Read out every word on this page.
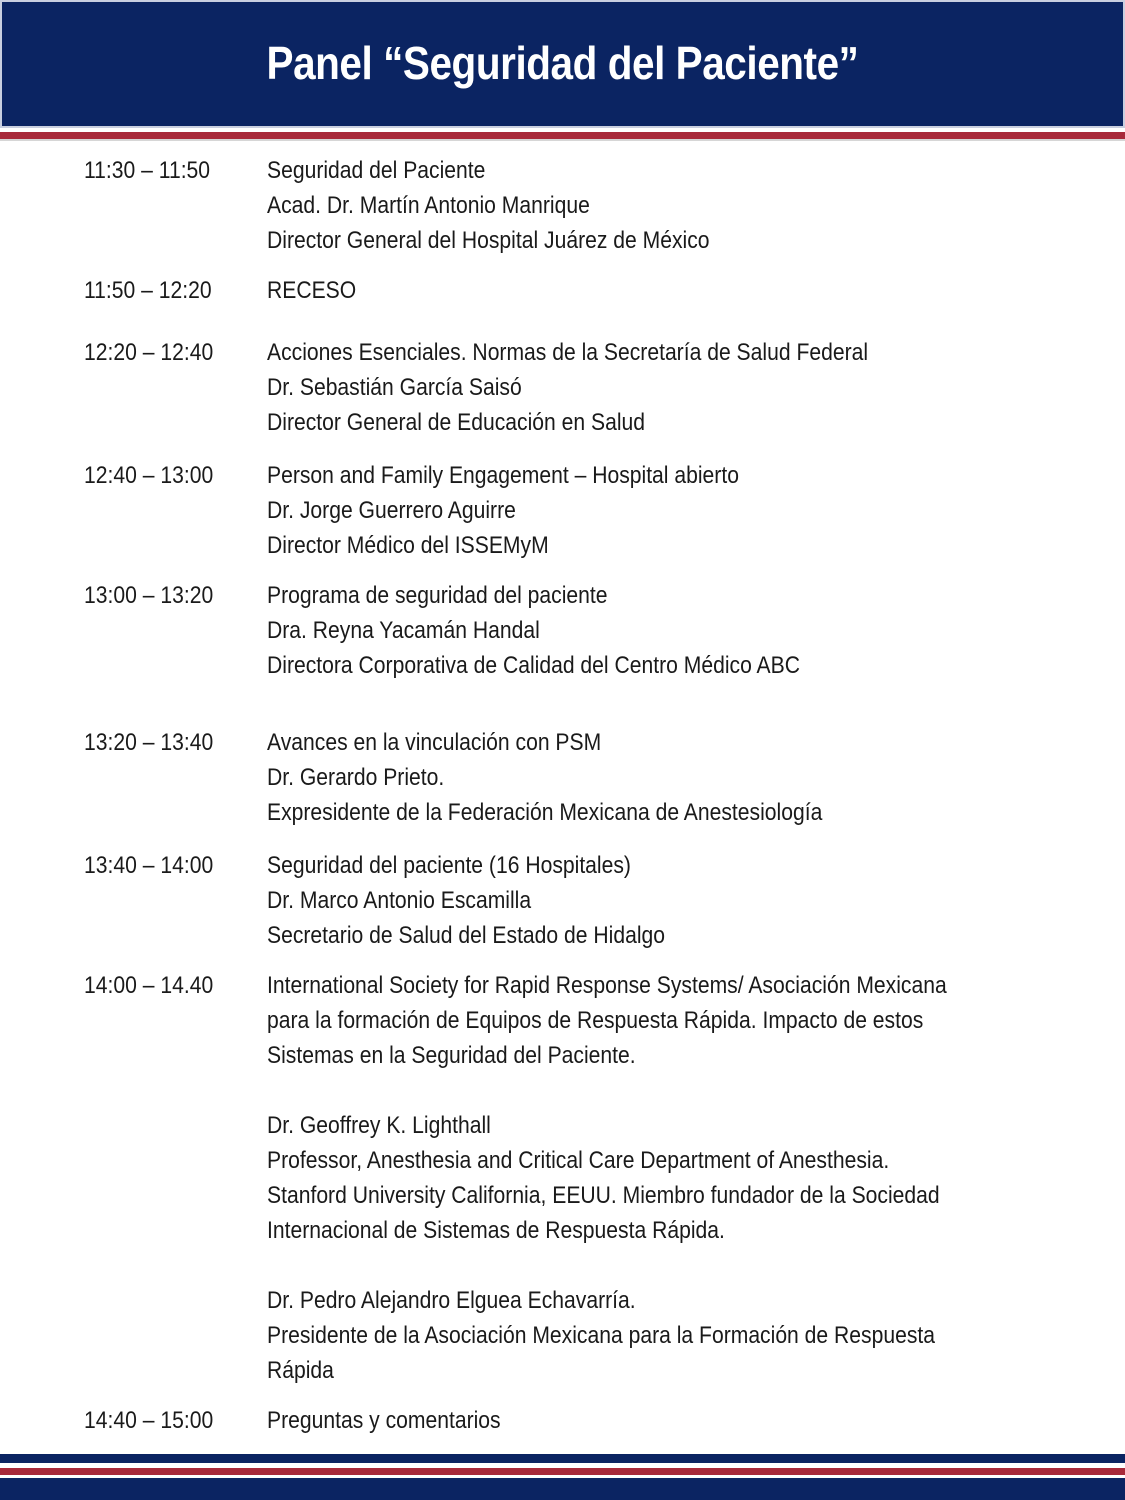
Panel “Seguridad del Paciente”
11:30 – 11:50 Seguridad del Paciente
Acad. Dr. Martín Antonio Manrique
Director General del Hospital Juárez de México
11:50 – 12:20 RECESO
12:20 – 12:40 Acciones Esenciales. Normas de la Secretaría de Salud Federal
Dr. Sebastián García Saisó
Director General de Educación en Salud
12:40 – 13:00 Person and Family Engagement – Hospital abierto
Dr. Jorge Guerrero Aguirre
Director Médico del ISSEMyM
13:00 – 13:20 Programa de seguridad del paciente
Dra. Reyna Yacamán Handal
Directora Corporativa de Calidad del Centro Médico ABC
13:20 – 13:40 Avances en la vinculación con PSM
Dr. Gerardo Prieto.
Expresidente de la Federación Mexicana de Anestesiología
13:40 – 14:00 Seguridad del paciente (16 Hospitales)
Dr. Marco Antonio Escamilla
Secretario de Salud del Estado de Hidalgo
14:00 – 14.40 International Society for Rapid Response Systems/ Asociación Mexicana
para la formación de Equipos de Respuesta Rápida. Impacto de estos
Sistemas en la Seguridad del Paciente.
Dr. Geoffrey K. Lighthall
Professor, Anesthesia and Critical Care Department of Anesthesia.
Stanford University California, EEUU. Miembro fundador de la Sociedad
Internacional de Sistemas de Respuesta Rápida.
Dr. Pedro Alejandro Elguea Echavarría.
Presidente de la Asociación Mexicana para la Formación de Respuesta
Rápida
14:40 – 15:00 Preguntas y comentarios
